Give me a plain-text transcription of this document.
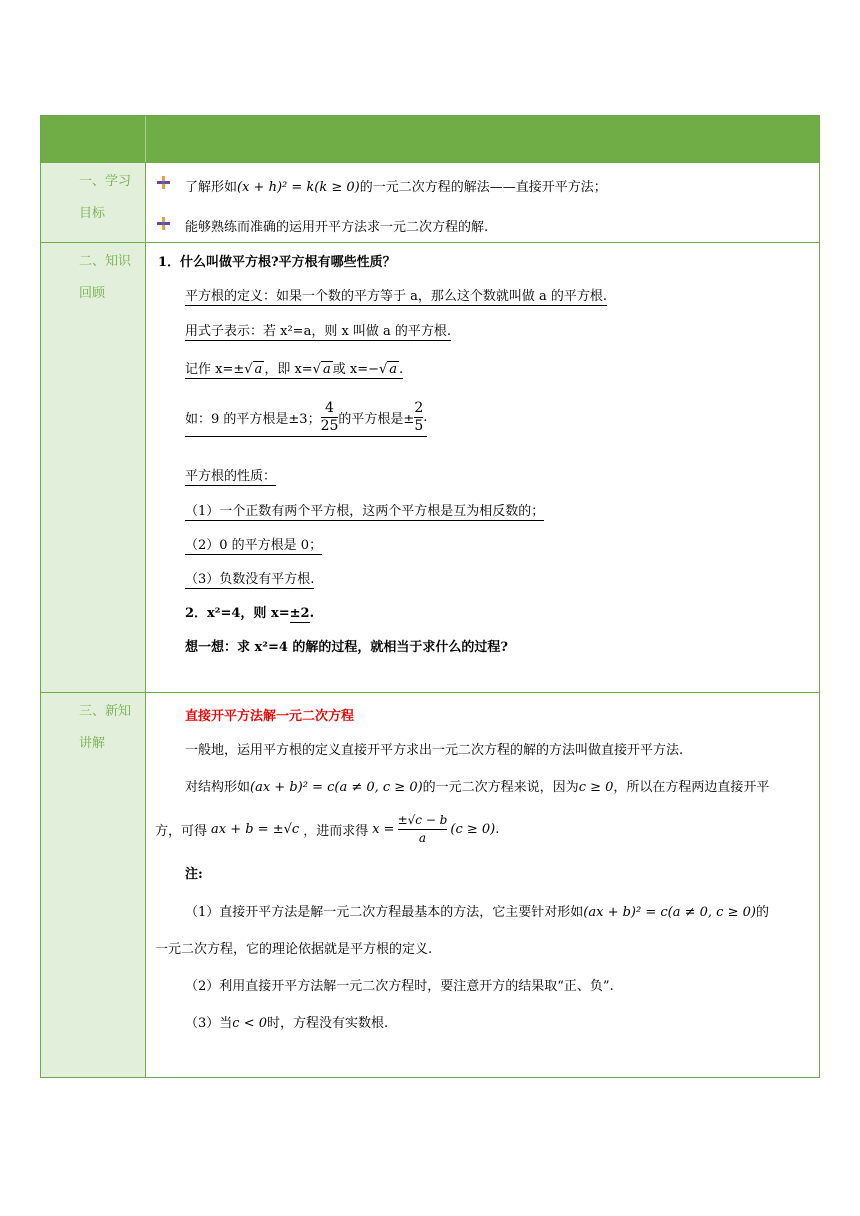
一、学习
目标
二、知识
回顾
三、新知
讲解
了解形如(x + h)² = k(k ≥ 0)的一元二次方程的解法——直接开平方法；
能够熟练而准确的运用开平方法求一元二次方程的解.
1．什么叫做平方根?平方根有哪些性质？
平方根的定义：如果一个数的平方等于 a，那么这个数就叫做 a 的平方根.
用式子表示：若 x²=a，则 x 叫做 a 的平方根.
记作 x=±√ a ，即 x=√ a 或 x=−√ a .
如：9 的平方根是±3； $\frac{4}{25}$ 的平方根是± $\frac{2}{5}$ .
平方根的性质：
（1）一个正数有两个平方根，这两个平方根是互为相反数的；
（2）0 的平方根是 0；
（3）负数没有平方根.
2．x²=4，则 x=±2.
想一想：求 x²=4 的解的过程，就相当于求什么的过程?
直接开平方法解一元二次方程
一般地，运用平方根的定义直接开平方求出一元二次方程的解的方法叫做直接开平方法.
对结构形如(ax + b)² = c(a ≠ 0, c ≥ 0)的一元二次方程来说，因为c ≥ 0，所以在方程两边直接开平
方，可得 ax + b = ±√c ，进而求得 $x = \frac{\pm√c - b}{a} (c \ge 0)$ .
注:
（1）直接开平方法是解一元二次方程最基本的方法，它主要针对形如(ax + b)² = c(a ≠ 0, c ≥ 0)的
一元二次方程，它的理论依据就是平方根的定义.
（2）利用直接开平方法解一元二次方程时，要注意开方的结果取“正、负”.
（3）当c < 0时，方程没有实数根.
